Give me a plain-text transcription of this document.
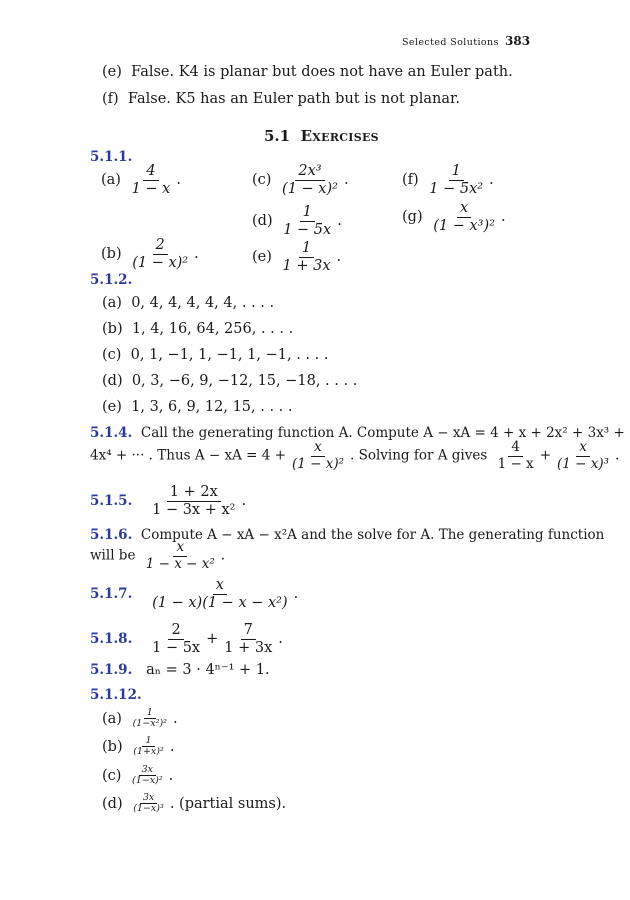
Selected Solutions 383
(e) False. K4 is planar but does not have an Euler path.
(f) False. K5 has an Euler path but is not planar.
5.1 Exercises
5.1.1.
$(a) \frac{4}{1 - x}$ .
$(b) \frac{2}{\text{(1 − x)²}}$ .
$(c) \frac{\text{2x³}}{\text{(1 − x)²}}$ .
$(d) \frac{1}{1 - 5x}$ .
$(e) \frac{1}{1 + 3x}$ .
$(f) \frac{1}{\text{1 − 5x²}}$ .
$(g) \frac{x}{\text{(1 − x³)²}}$ .
5.1.2.
(a) 0, 4, 4, 4, 4, 4, . . . .
(b) 1, 4, 16, 64, 256, . . . .
(c) 0, 1, −1, 1, −1, 1, −1, . . . .
(d) 0, 3, −6, 9, −12, 15, −18, . . . .
(e) 1, 3, 6, 9, 12, 15, . . . .
5.1.4. Call the generating function A. Compute A − xA = 4 + x + 2x² + 3x³ +
4x⁴ + ··· . Thus A − xA = $4 + \frac{x}{\text{(1 − x)²}}$ . Solving for A gives $\frac{4}{1 - x} + \frac{x}{\text{(1 − x)³}}$ .
5.1.5. $\frac{1 + 2x}{\text{1 − 3x + x²}}$ .
5.1.6. Compute A − xA − x²A and the solve for A. The generating function
will be $\frac{x}{\text{1 − x − x²}}$ .
5.1.7. $\frac{x}{\text{(1 − x)(1 − x − x²)}}$ .
5.1.8. $\frac{2}{1 - 5x} + \frac{7}{1 + 3x}$ .
5.1.9. aₙ = 3 · 4ⁿ⁻¹ + 1.
5.1.12.
$(a) \frac{1}{\text{(1−x²)²}}$ .
$(b) \frac{1}{\text{(1+x)²}}$ .
$(c) \frac{3x}{\text{(1−x)²}}$ .
$(d) \frac{3x}{\text{(1−x)³}}$ . (partial sums).
